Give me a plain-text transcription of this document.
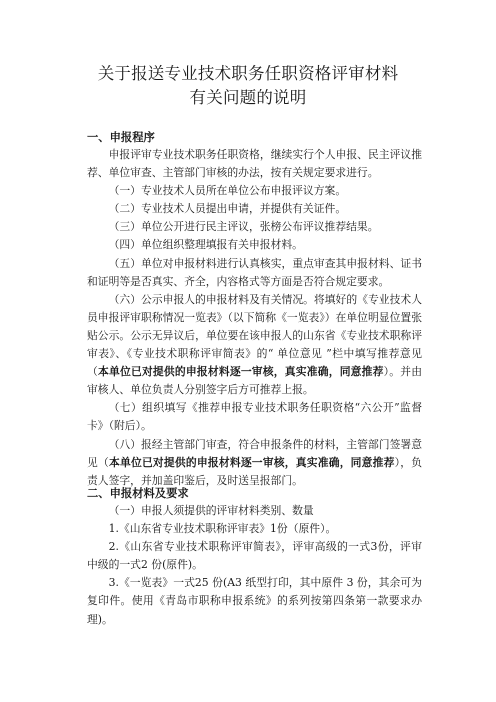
关于报送专业技术职务任职资格评审材料
有关问题的说明
一、申报程序

申报评审专业技术职务任职资格，继续实行个人申报、民主评议推荐、单位审查、主管部门审核的办法，按有关规定要求进行。

（一）专业技术人员所在单位公布申报评议方案。

（二）专业技术人员提出申请，并提供有关证件。

（三）单位公开进行民主评议，张榜公布评议推荐结果。

（四）单位组织整理填报有关申报材料。

（五）单位对申报材料进行认真核实，重点审查其申报材料、证书和证明等是否真实、齐全，内容格式等方面是否符合规定要求。

（六）公示申报人的申报材料及有关情况。将填好的《专业技术人员申报评审职称情况一览表》（以下简称《一览表》）在单位明显位置张贴公示。公示无异议后，单位要在该申报人的山东省《专业技术职称评审表》、《专业技术职称评审简表》的“ 单位意见 ”栏中填写推荐意见（本单位已对提供的申报材料逐一审核，真实准确，同意推荐）。并由审核人、单位负责人分别签字后方可推荐上报。

（七）组织填写《推荐申报专业技术职务任职资格“六公开”监督卡》（附后）。

（八）报经主管部门审查，符合申报条件的材料，主管部门签署意见（本单位已对提供的申报材料逐一审核，真实准确，同意推荐），负责人签字，并加盖印鉴后，及时送呈报部门。

二、申报材料及要求

（一）申报人须提供的评审材料类别、数量

1.《山东省专业技术职称评审表》1份（原件）。

2.《山东省专业技术职称评审简表》，评审高级的一式3份，评审中级的一式2 份(原件)。

3.《一览表》一式25 份(A3 纸型打印，其中原件 3 份，其余可为复印件。使用《青岛市职称申报系统》的系列按第四条第一款要求办理)。
